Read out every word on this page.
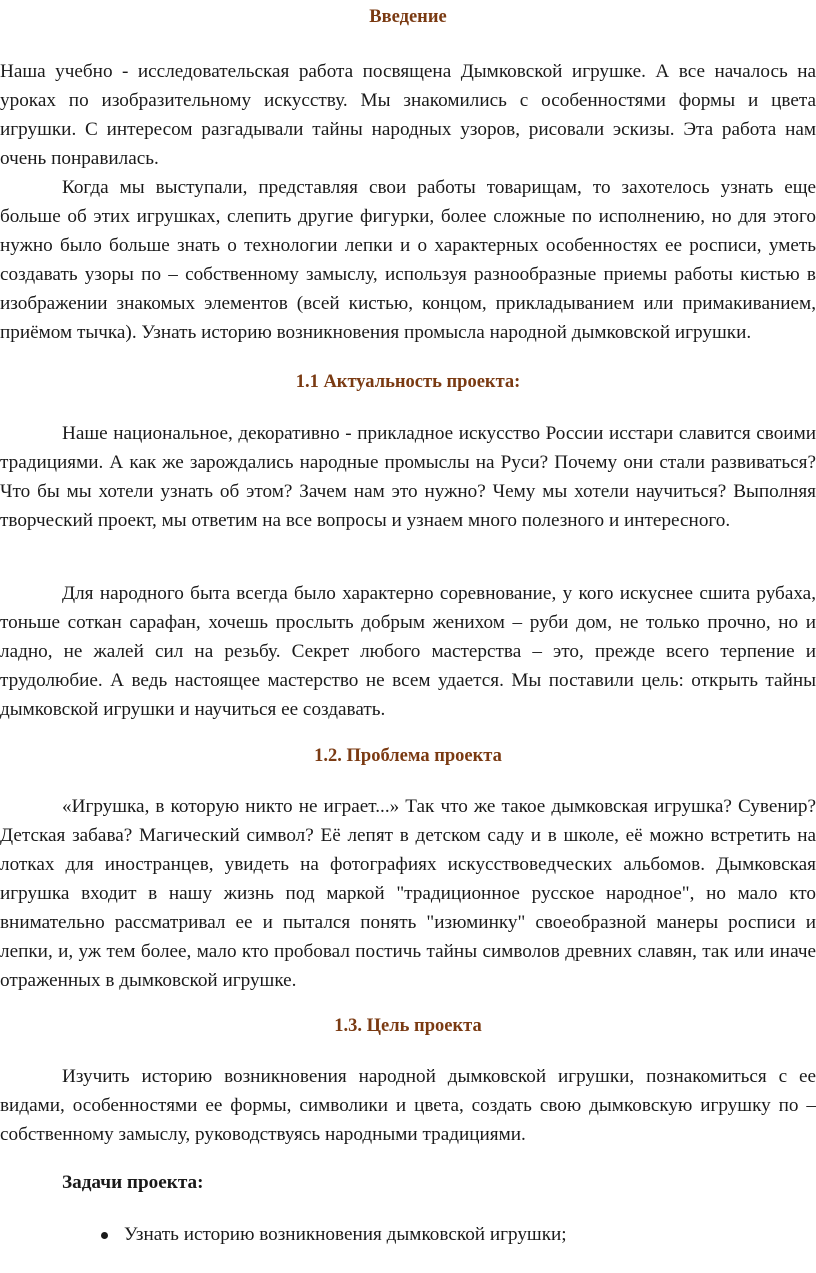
Введение

Наша учебно - исследовательская работа посвящена Дымковской игрушке. А все началось на уроках по изобразительному искусству. Мы знакомились с особенностями формы и цвета игрушки. С интересом разгадывали тайны народных узоров, рисовали эскизы. Эта работа нам очень понравилась.

Когда мы выступали, представляя свои работы товарищам, то захотелось узнать еще больше об этих игрушках, слепить другие фигурки, более сложные по исполнению, но для этого нужно было больше знать о технологии лепки и о характерных особенностях ее росписи, уметь создавать узоры по – собственному замыслу, используя разнообразные приемы работы кистью в изображении знакомых элементов (всей кистью, концом, прикладыванием или примакиванием, приёмом тычка). Узнать историю возникновения промысла народной дымковской игрушки.

1.1 Актуальность проекта:

Наше национальное, декоративно - прикладное искусство России исстари славится своими традициями. А как же зарождались народные промыслы на Руси? Почему они стали развиваться? Что бы мы хотели узнать об этом? Зачем нам это нужно? Чему мы хотели научиться? Выполняя творческий проект, мы ответим на все вопросы и узнаем много полезного и интересного.

Для народного быта всегда было характерно соревнование, у кого искуснее сшита рубаха, тоньше соткан сарафан, хочешь прослыть добрым женихом – руби дом, не только прочно, но и ладно, не жалей сил на резьбу. Секрет любого мастерства – это, прежде всего терпение и трудолюбие. А ведь настоящее мастерство не всем удается. Мы поставили цель: открыть тайны дымковской игрушки и научиться ее создавать.

1.2. Проблема проекта

«Игрушка, в которую никто не играет...» Так что же такое дымковская игрушка? Сувенир? Детская забава? Магический символ? Её лепят в детском саду и в школе, её можно встретить на лотках для иностранцев, увидеть на фотографиях искусствоведческих альбомов. Дымковская игрушка входит в нашу жизнь под маркой "традиционное русское народное", но мало кто внимательно рассматривал ее и пытался понять "изюминку" своеобразной манеры росписи и лепки, и, уж тем более, мало кто пробовал постичь тайны символов древних славян, так или иначе отраженных в дымковской игрушке.

1.3. Цель проекта

Изучить историю возникновения народной дымковской игрушки, познакомиться с ее видами, особенностями ее формы, символики и цвета, создать свою дымковскую игрушку по – собственному замыслу, руководствуясь народными традициями.

Задачи проекта:
Узнать историю возникновения дымковской игрушки;
